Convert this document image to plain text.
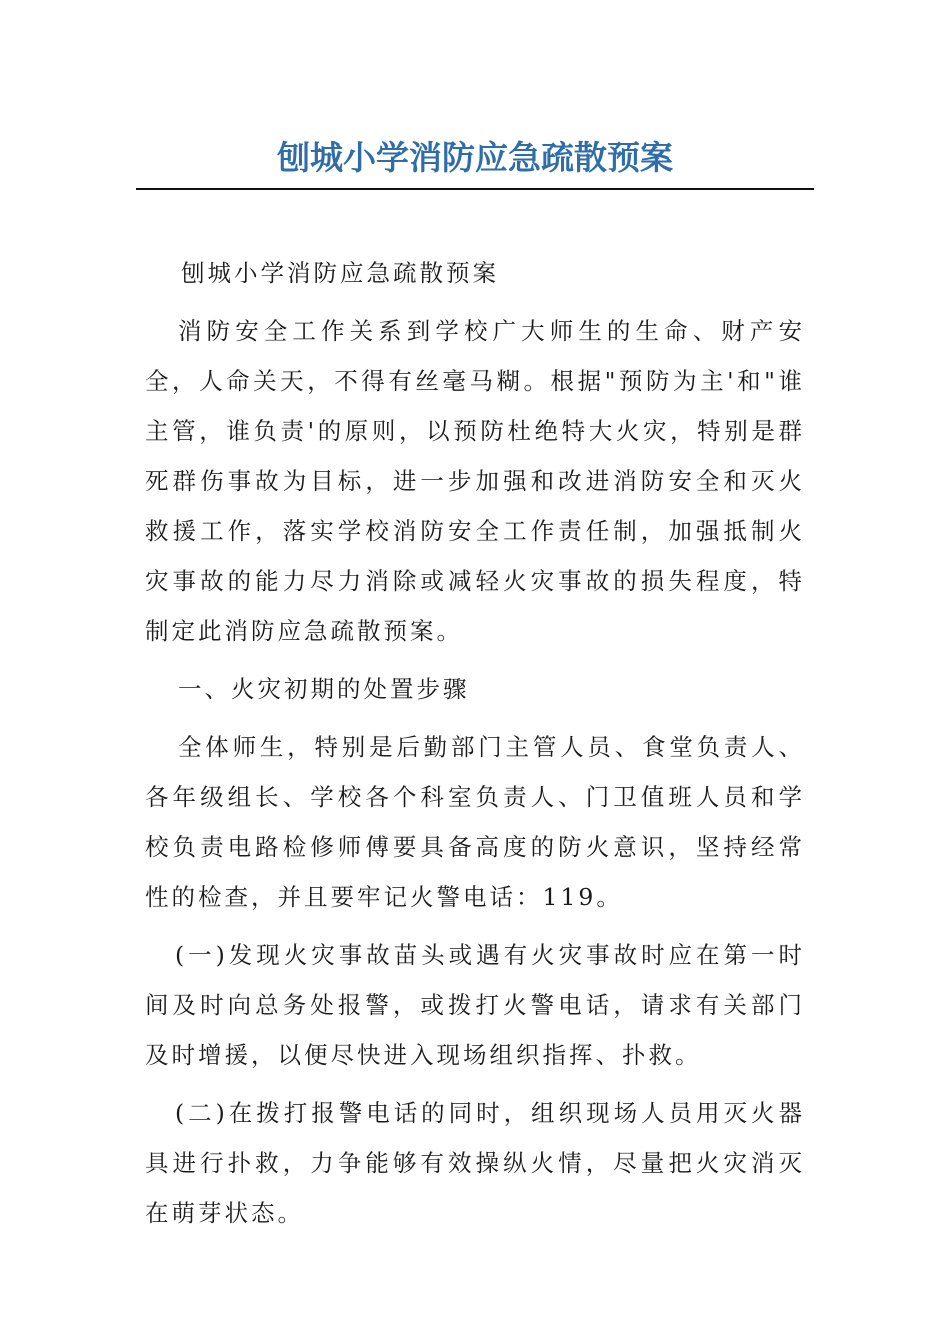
刨城小学消防应急疏散预案

刨城小学消防应急疏散预案

消防安全工作关系到学校广大师生的生命、财产安全，人命关天，不得有丝毫马糊。根据"预防为主'和"谁主管，谁负责'的原则，以预防杜绝特大火灾，特别是群死群伤事故为目标，进一步加强和改进消防安全和灭火救援工作，落实学校消防安全工作责任制，加强抵制火灾事故的能力尽力消除或减轻火灾事故的损失程度，特制定此消防应急疏散预案。

一、火灾初期的处置步骤

全体师生，特别是后勤部门主管人员、食堂负责人、各年级组长、学校各个科室负责人、门卫值班人员和学校负责电路检修师傅要具备高度的防火意识，坚持经常性的检查，并且要牢记火警电话：119。

(一)发现火灾事故苗头或遇有火灾事故时应在第一时间及时向总务处报警，或拨打火警电话，请求有关部门及时增援，以便尽快进入现场组织指挥、扑救。

(二)在拨打报警电话的同时，组织现场人员用灭火器具进行扑救，力争能够有效操纵火情，尽量把火灾消灭在萌芽状态。
